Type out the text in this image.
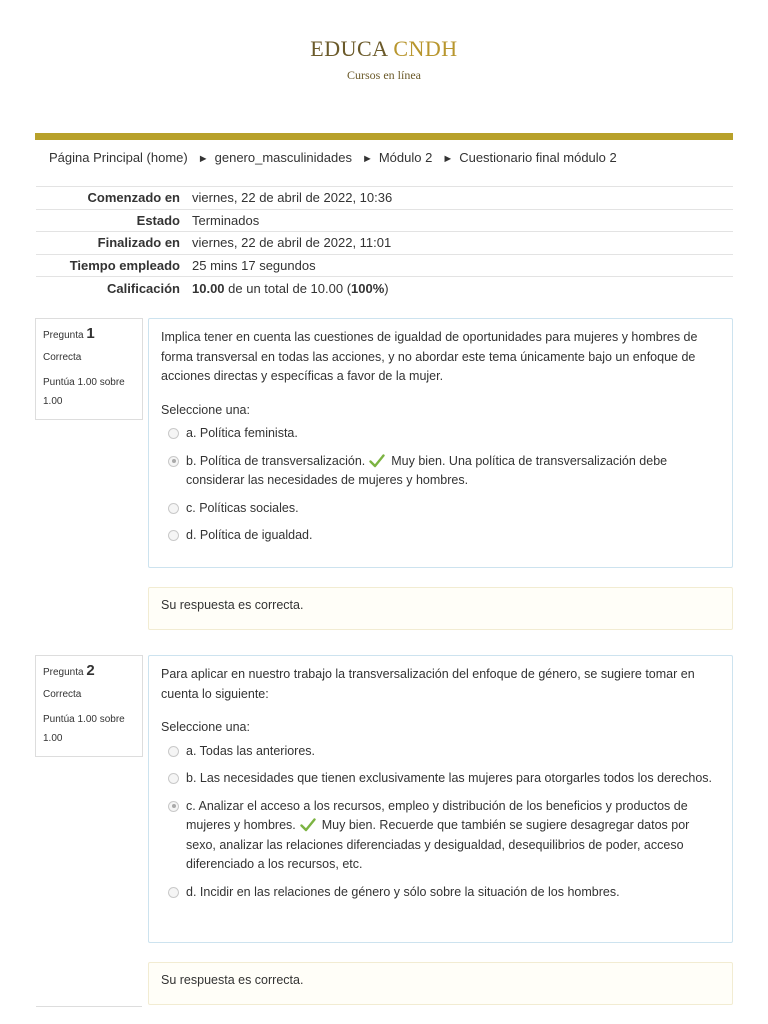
EDUCA CNDH
Cursos en línea
Página Principal (home) ► genero_masculinidades ► Módulo 2 ► Cuestionario final módulo 2
Comenzado en	viernes, 22 de abril de 2022, 10:36
Estado	Terminados
Finalizado en	viernes, 22 de abril de 2022, 11:01
Tiempo empleado	25 mins 17 segundos
Calificación	10.00 de un total de 10.00 (100%)
Pregunta 1
Correcta
Puntúa 1.00 sobre 1.00
Implica tener en cuenta las cuestiones de igualdad de oportunidades para mujeres y hombres de forma transversal en todas las acciones, y no abordar este tema únicamente bajo un enfoque de acciones directas y específicas a favor de la mujer.
Seleccione una:
a. Política feminista.
b. Política de transversalización. Muy bien. Una política de transversalización debe considerar las necesidades de mujeres y hombres.
c. Políticas sociales.
d. Política de igualdad.
Su respuesta es correcta.
Pregunta 2
Correcta
Puntúa 1.00 sobre 1.00
Para aplicar en nuestro trabajo la transversalización del enfoque de género, se sugiere tomar en cuenta lo siguiente:
Seleccione una:
a. Todas las anteriores.
b. Las necesidades que tienen exclusivamente las mujeres para otorgarles todos los derechos.
c. Analizar el acceso a los recursos, empleo y distribución de los beneficios y productos de mujeres y hombres. Muy bien. Recuerde que también se sugiere desagregar datos por sexo, analizar las relaciones diferenciadas y desigualdad, desequilibrios de poder, acceso diferenciado a los recursos, etc.
d. Incidir en las relaciones de género y sólo sobre la situación de los hombres.
Su respuesta es correcta.
